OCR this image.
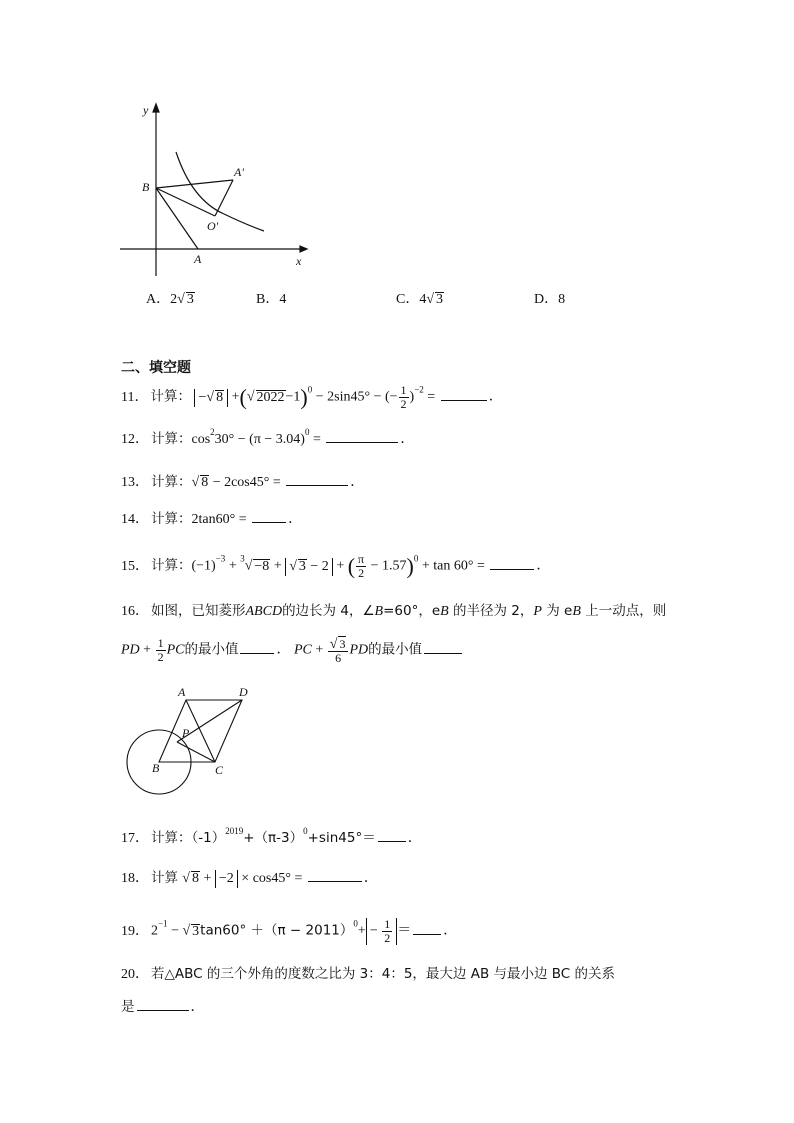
y
x
B
A'
O'
A
A．2√ 3	B．4	C．4√ 3	D．8
二、填空题
11． 计算： −√ 8 +(√ 2022−1)$^0$ − 2sin45° − (− $\frac{1}{2} )^{-2}$ =	．
12． 计算：$\cos^230^\circ - (\pi - 3.04)^0$ =	．
13． 计算：√ 8 − 2cos45° =	．
14． 计算：2tan60° =	．
15． 计算：$(-1)^{-3} + ^3√ -8$ + √ 3 − 2 + ( $\frac{\pi}{2} - 1.57)^0 + \tan 60^\circ$ =	．
16． 如图，已知菱形ABCD的边长为 4，∠B=60°，eB 的半径为 2，P 为 eB 上一动点，则
PD + $\frac{1}{2}$ PC的最小值	． PC + $\frac{√ 3}{6}$ PD的最小值
A	D
P
B	C
17． 计算：$(-1)^{2019}+(\pi-3)^0+\sin 45^\circ=$ ．
18． 计算 √ 8 + −2 × cos45° =	．
19． $2^{-1}$ − √ $3\tan 60^\circ +(\pi - 2011)^0+ - \frac{1}{2}$ ＝ ．
20． 若△ABC 的三个外角的度数之比为 3：4：5，最大边 AB 与最小边 BC 的关系
是	．
